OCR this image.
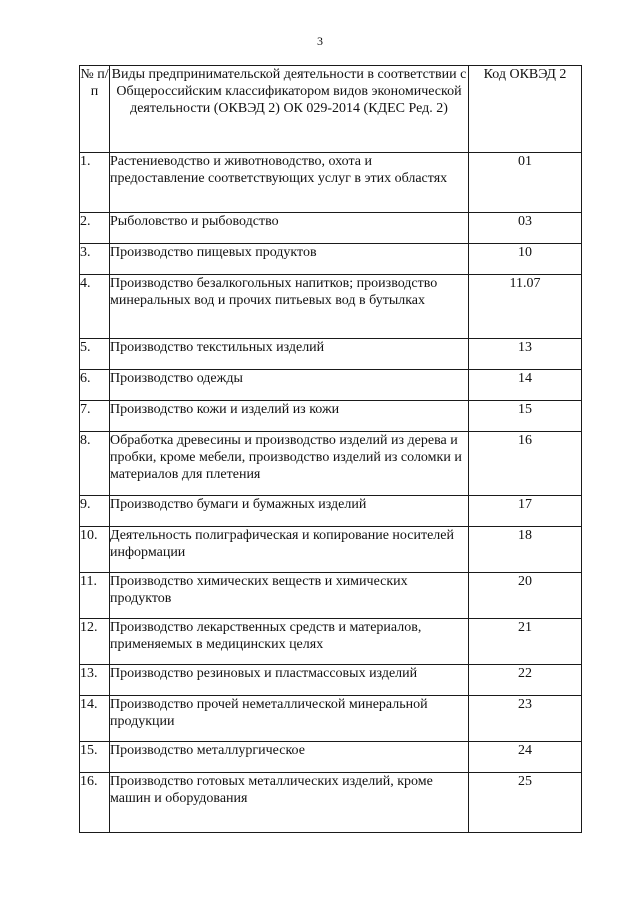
3
№ п/п	Виды предпринимательской деятельности в соответствии с Общероссийским классификатором видов экономической деятельности (ОКВЭД 2) ОК 029-2014 (КДЕС Ред. 2)	Код ОКВЭД 2
1.	Растениеводство и животноводство, охота и предоставление соответствующих услуг в этих областях	01
2.	Рыболовство и рыбоводство	03
3.	Производство пищевых продуктов	10
4.	Производство безалкогольных напитков; производство минеральных вод и прочих питьевых вод в бутылках	11.07
5.	Производство текстильных изделий	13
6.	Производство одежды	14
7.	Производство кожи и изделий из кожи	15
8.	Обработка древесины и производство изделий из дерева и пробки, кроме мебели, производство изделий из соломки и материалов для плетения	16
9.	Производство бумаги и бумажных изделий	17
10.	Деятельность полиграфическая и копирование носителей информации	18
11.	Производство химических веществ и химических продуктов	20
12.	Производство лекарственных средств и материалов, применяемых в медицинских целях	21
13.	Производство резиновых и пластмассовых изделий	22
14.	Производство прочей неметаллической минеральной продукции	23
15.	Производство металлургическое	24
16.	Производство готовых металлических изделий, кроме машин и оборудования	25
